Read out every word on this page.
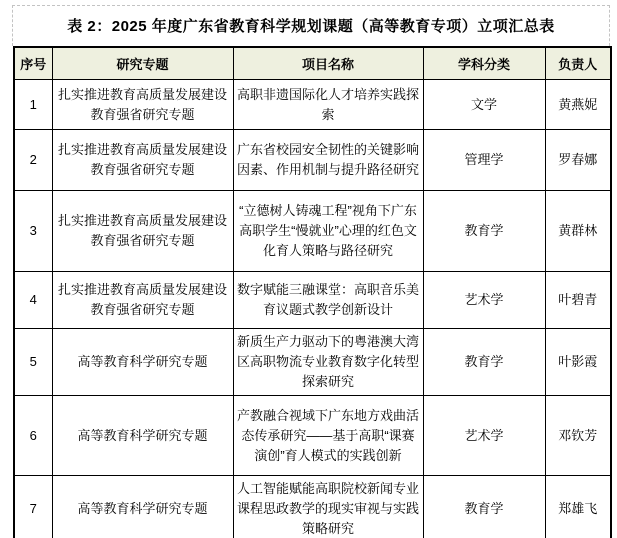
表 2：2025 年度广东省教育科学规划课题（高等教育专项）立项汇总表
序号	研究专题	项目名称	学科分类	负责人
1	扎实推进教育高质量发展建设教育强省研究专题	高职非遗国际化人才培养实践探索	文学	黄燕妮
2	扎实推进教育高质量发展建设教育强省研究专题	广东省校园安全韧性的关键影响因素、作用机制与提升路径研究	管理学	罗春娜
3	扎实推进教育高质量发展建设教育强省研究专题	“立德树人铸魂工程”视角下广东高职学生“慢就业”心理的红色文化育人策略与路径研究	教育学	黄群林
4	扎实推进教育高质量发展建设教育强省研究专题	数字赋能三融课堂：高职音乐美育议题式教学创新设计	艺术学	叶碧青
5	高等教育科学研究专题	新质生产力驱动下的粤港澳大湾区高职物流专业教育数字化转型探索研究	教育学	叶影霞
6	高等教育科学研究专题	产教融合视域下广东地方戏曲活态传承研究——基于高职“课赛演创”育人模式的实践创新	艺术学	邓钦芳
7	高等教育科学研究专题	人工智能赋能高职院校新闻专业课程思政教学的现实审视与实践策略研究	教育学	郑雄飞
